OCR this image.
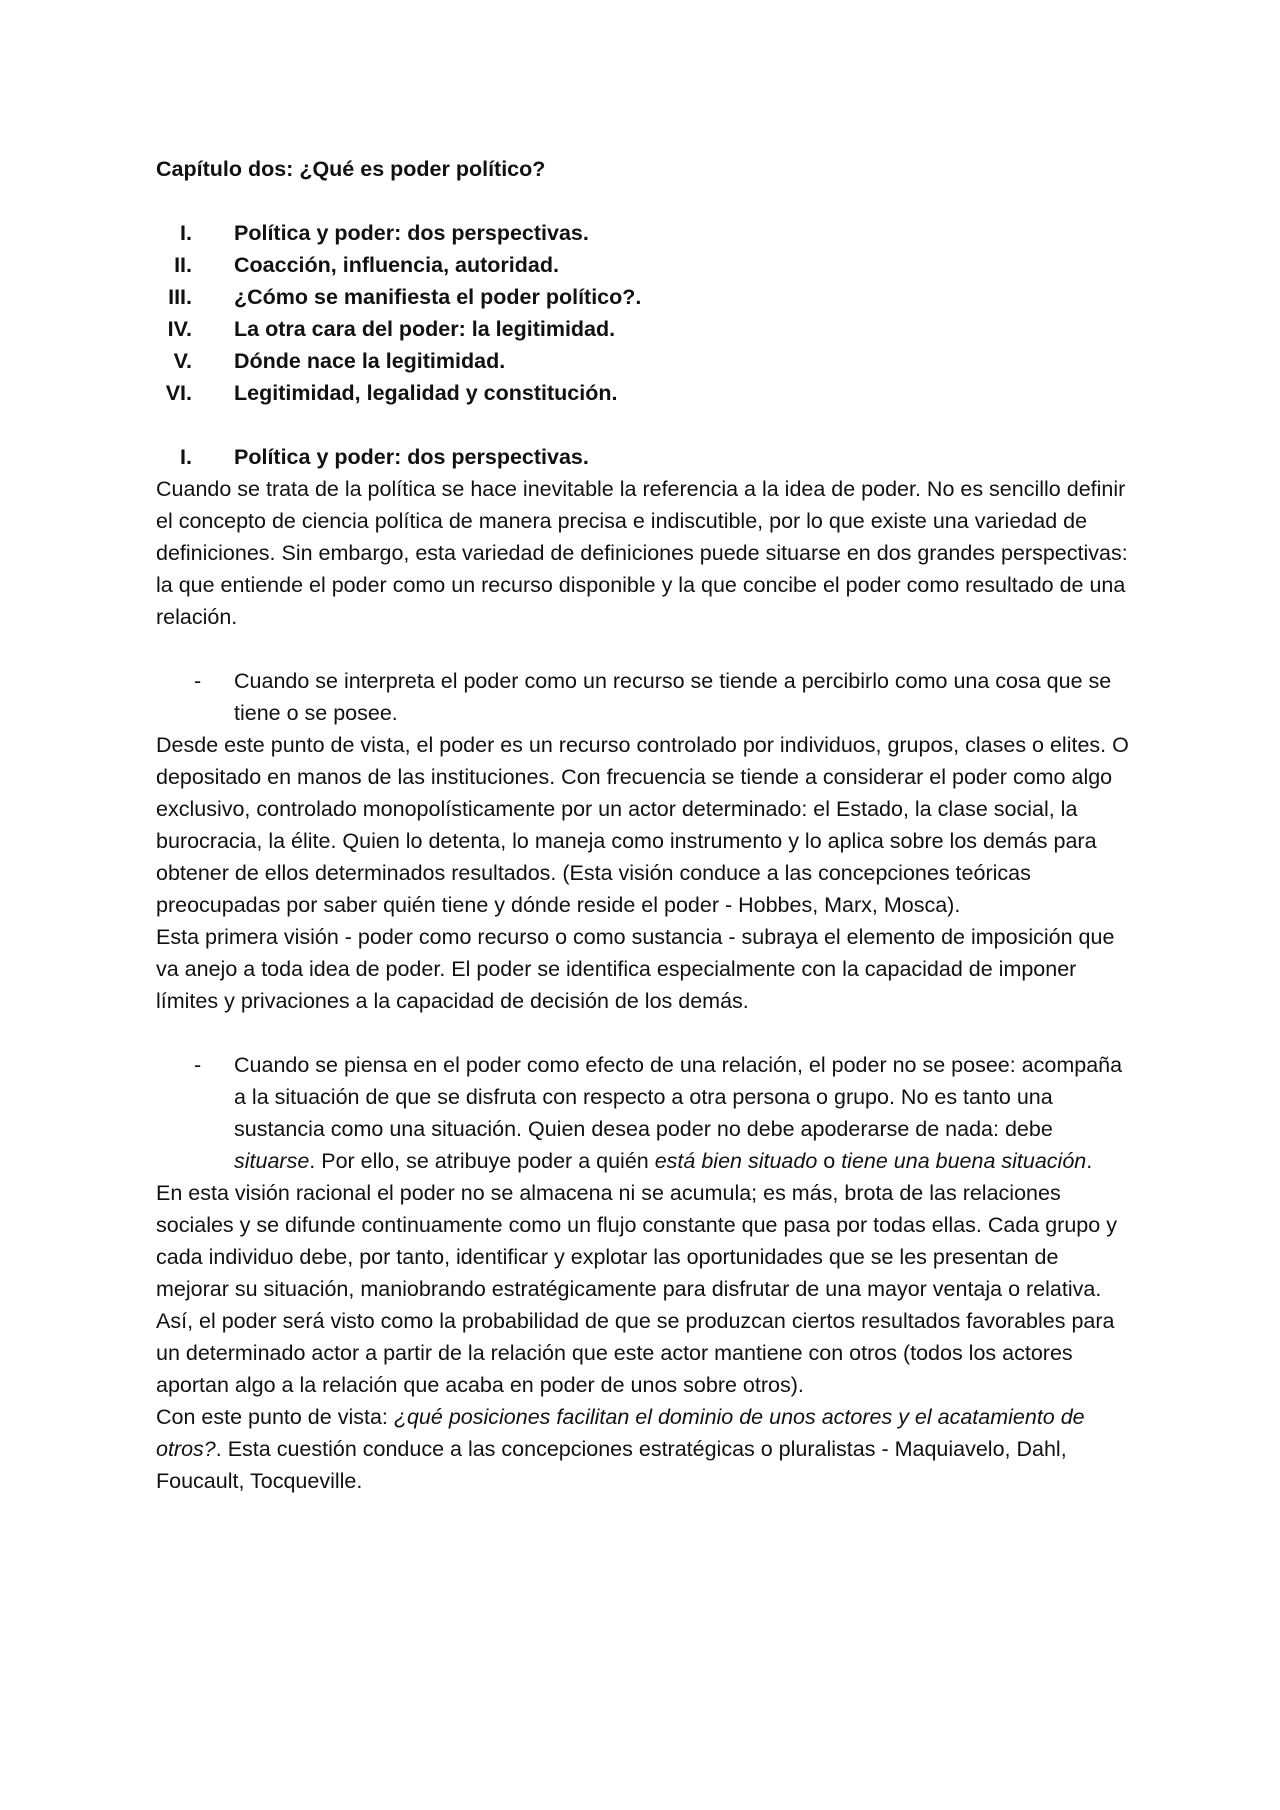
Capítulo dos: ¿Qué es poder político?
I. Política y poder: dos perspectivas.
II. Coacción, influencia, autoridad.
III. ¿Cómo se manifiesta el poder político?.
IV. La otra cara del poder: la legitimidad.
V. Dónde nace la legitimidad.
VI. Legitimidad, legalidad y constitución.
I. Política y poder: dos perspectivas.

Cuando se trata de la política se hace inevitable la referencia a la idea de poder. No es sencillo definir el concepto de ciencia política de manera precisa e indiscutible, por lo que existe una variedad de definiciones. Sin embargo, esta variedad de definiciones puede situarse en dos grandes perspectivas: la que entiende el poder como un recurso disponible y la que concibe el poder como resultado de una relación.

- Cuando se interpreta el poder como un recurso se tiende a percibirlo como una cosa que se tiene o se posee.

Desde este punto de vista, el poder es un recurso controlado por individuos, grupos, clases o elites. O depositado en manos de las instituciones. Con frecuencia se tiende a considerar el poder como algo exclusivo, controlado monopolísticamente por un actor determinado: el Estado, la clase social, la burocracia, la élite. Quien lo detenta, lo maneja como instrumento y lo aplica sobre los demás para obtener de ellos determinados resultados. (Esta visión conduce a las concepciones teóricas preocupadas por saber quién tiene y dónde reside el poder - Hobbes, Marx, Mosca).

Esta primera visión - poder como recurso o como sustancia - subraya el elemento de imposición que va anejo a toda idea de poder. El poder se identifica especialmente con la capacidad de imponer límites y privaciones a la capacidad de decisión de los demás.

- Cuando se piensa en el poder como efecto de una relación, el poder no se posee: acompaña a la situación de que se disfruta con respecto a otra persona o grupo. No es tanto una sustancia como una situación. Quien desea poder no debe apoderarse de nada: debe situarse. Por ello, se atribuye poder a quién está bien situado o tiene una buena situación.

En esta visión racional el poder no se almacena ni se acumula; es más, brota de las relaciones sociales y se difunde continuamente como un flujo constante que pasa por todas ellas. Cada grupo y cada individuo debe, por tanto, identificar y explotar las oportunidades que se les presentan de mejorar su situación, maniobrando estratégicamente para disfrutar de una mayor ventaja o relativa. Así, el poder será visto como la probabilidad de que se produzcan ciertos resultados favorables para un determinado actor a partir de la relación que este actor mantiene con otros (todos los actores aportan algo a la relación que acaba en poder de unos sobre otros).

Con este punto de vista: ¿qué posiciones facilitan el dominio de unos actores y el acatamiento de otros?. Esta cuestión conduce a las concepciones estratégicas o pluralistas - Maquiavelo, Dahl, Foucault, Tocqueville.
